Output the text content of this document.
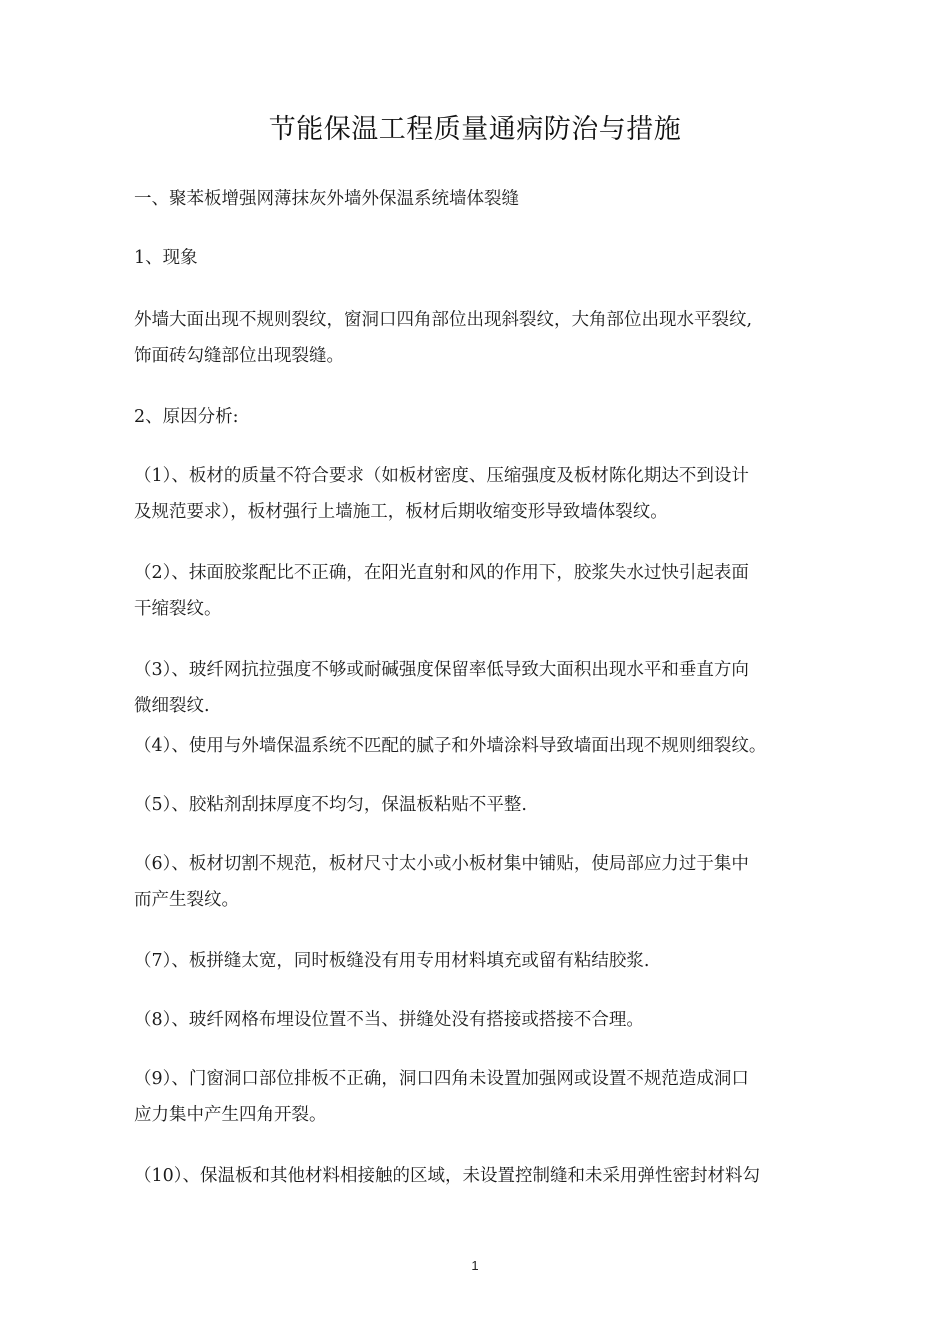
节能保温工程质量通病防治与措施
一、聚苯板增强网薄抹灰外墙外保温系统墙体裂缝
1、现象
外墙大面出现不规则裂纹，窗洞口四角部位出现斜裂纹，大角部位出现水平裂纹,
饰面砖勾缝部位出现裂缝。
2、原因分析:
（1）、板材的质量不符合要求（如板材密度、压缩强度及板材陈化期达不到设计
及规范要求），板材强行上墙施工，板材后期收缩变形导致墙体裂纹。
（2）、抹面胶浆配比不正确，在阳光直射和风的作用下，胶浆失水过快引起表面
干缩裂纹。
（3）、玻纤网抗拉强度不够或耐碱强度保留率低导致大面积出现水平和垂直方向
微细裂纹.
（4）、使用与外墙保温系统不匹配的腻子和外墙涂料导致墙面出现不规则细裂纹。
（5）、胶粘剂刮抹厚度不均匀，保温板粘贴不平整.
（6）、板材切割不规范，板材尺寸太小或小板材集中铺贴，使局部应力过于集中
而产生裂纹。
（7）、板拼缝太宽，同时板缝没有用专用材料填充或留有粘结胶浆.
（8）、玻纤网格布埋设位置不当、拼缝处没有搭接或搭接不合理。
（9）、门窗洞口部位排板不正确，洞口四角未设置加强网或设置不规范造成洞口
应力集中产生四角开裂。
（10）、保温板和其他材料相接触的区域，未设置控制缝和未采用弹性密封材料勾
1
